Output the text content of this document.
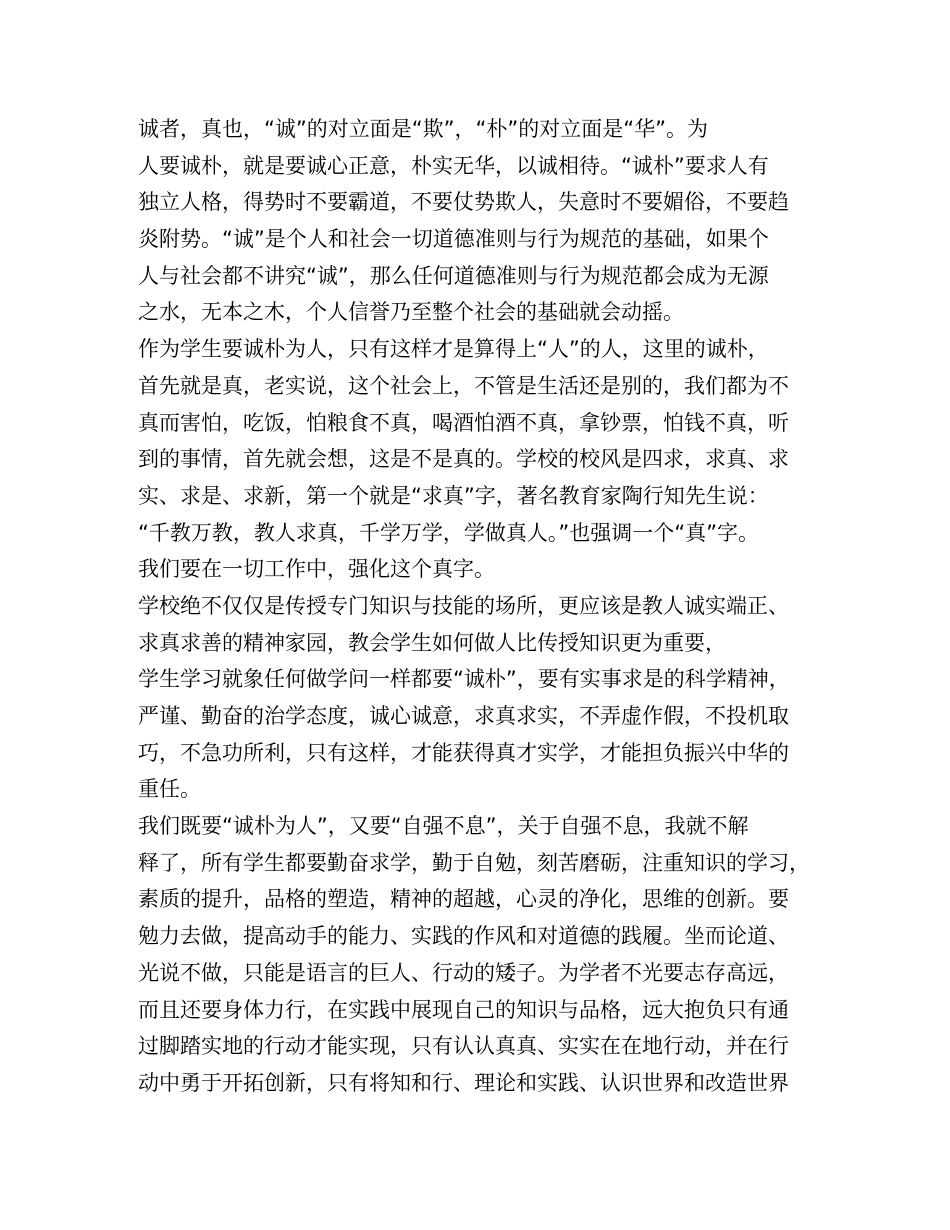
诚者，真也，“诚”的对立面是“欺”，“朴”的对立面是“华”。为
人要诚朴，就是要诚心正意，朴实无华，以诚相待。“诚朴”要求人有
独立人格，得势时不要霸道，不要仗势欺人，失意时不要媚俗，不要趋
炎附势。“诚”是个人和社会一切道德准则与行为规范的基础，如果个
人与社会都不讲究“诚”，那么任何道德准则与行为规范都会成为无源
之水，无本之木，个人信誉乃至整个社会的基础就会动摇。
作为学生要诚朴为人，只有这样才是算得上“人”的人，这里的诚朴，
首先就是真，老实说，这个社会上，不管是生活还是别的，我们都为不
真而害怕，吃饭，怕粮食不真，喝酒怕酒不真，拿钞票，怕钱不真，听
到的事情，首先就会想，这是不是真的。学校的校风是四求，求真、求
实、求是、求新，第一个就是“求真”字，著名教育家陶行知先生说：
“千教万教，教人求真，千学万学，学做真人。”也强调一个“真”字。
我们要在一切工作中，强化这个真字。
学校绝不仅仅是传授专门知识与技能的场所，更应该是教人诚实端正、
求真求善的精神家园，教会学生如何做人比传授知识更为重要，
学生学习就象任何做学问一样都要“诚朴”，要有实事求是的科学精神，
严谨、勤奋的治学态度，诚心诚意，求真求实，不弄虚作假，不投机取
巧，不急功所利，只有这样，才能获得真才实学，才能担负振兴中华的
重任。
我们既要“诚朴为人”，又要“自强不息”，关于自强不息，我就不解
释了，所有学生都要勤奋求学，勤于自勉，刻苦磨砺，注重知识的学习，
素质的提升，品格的塑造，精神的超越，心灵的净化，思维的创新。要
勉力去做，提高动手的能力、实践的作风和对道德的践履。坐而论道、
光说不做，只能是语言的巨人、行动的矮子。为学者不光要志存高远，
而且还要身体力行，在实践中展现自己的知识与品格，远大抱负只有通
过脚踏实地的行动才能实现，只有认认真真、实实在在地行动，并在行
动中勇于开拓创新，只有将知和行、理论和实践、认识世界和改造世界
